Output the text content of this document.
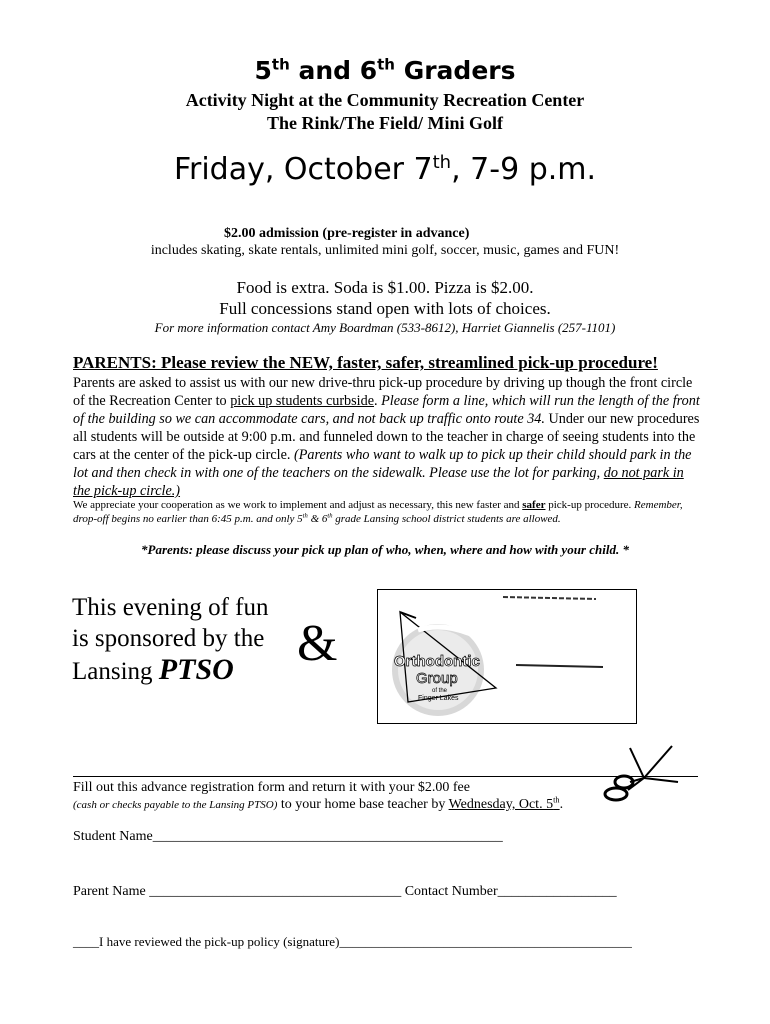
5th and 6th Graders
Activity Night at the Community Recreation Center
The Rink/The Field/ Mini Golf
Friday, October 7th, 7-9 p.m.
$2.00 admission (pre-register in advance)
includes skating, skate rentals, unlimited mini golf, soccer, music, games and FUN!
Food is extra. Soda is $1.00. Pizza is $2.00.
Full concessions stand open with lots of choices.
For more information contact Amy Boardman (533-8612), Harriet Giannelis (257-1101)
PARENTS: Please review the NEW, faster, safer, streamlined pick-up procedure!
Parents are asked to assist us with our new drive-thru pick-up procedure by driving up though the front circle of the Recreation Center to pick up students curbside. Please form a line, which will run the length of the front of the building so we can accommodate cars, and not back up traffic onto route 34. Under our new procedures all students will be outside at 9:00 p.m. and funneled down to the teacher in charge of seeing students into the cars at the center of the pick-up circle. (Parents who want to walk up to pick up their child should park in the lot and then check in with one of the teachers on the sidewalk. Please use the lot for parking, do not park in the pick-up circle.)
We appreciate your cooperation as we work to implement and adjust as necessary, this new faster and safer pick-up procedure. Remember, drop-off begins no earlier than 6:45 p.m. and only 5th & 6th grade Lansing school district students are allowed.
*Parents: please discuss your pick up plan of who, when, where and how with your child. *
This evening of fun
is sponsored by the
Lansing PTSO	&	Orthodontic
Group
of the
Finger Lakes
Fill out this advance registration form and return it with your $2.00 fee
(cash or checks payable to the Lansing PTSO) to your home base teacher by Wednesday, Oct. 5th.
Student Name__________________________________________________
Parent Name ____________________________________ Contact Number_________________
____I have reviewed the pick-up policy (signature)_____________________________________________
